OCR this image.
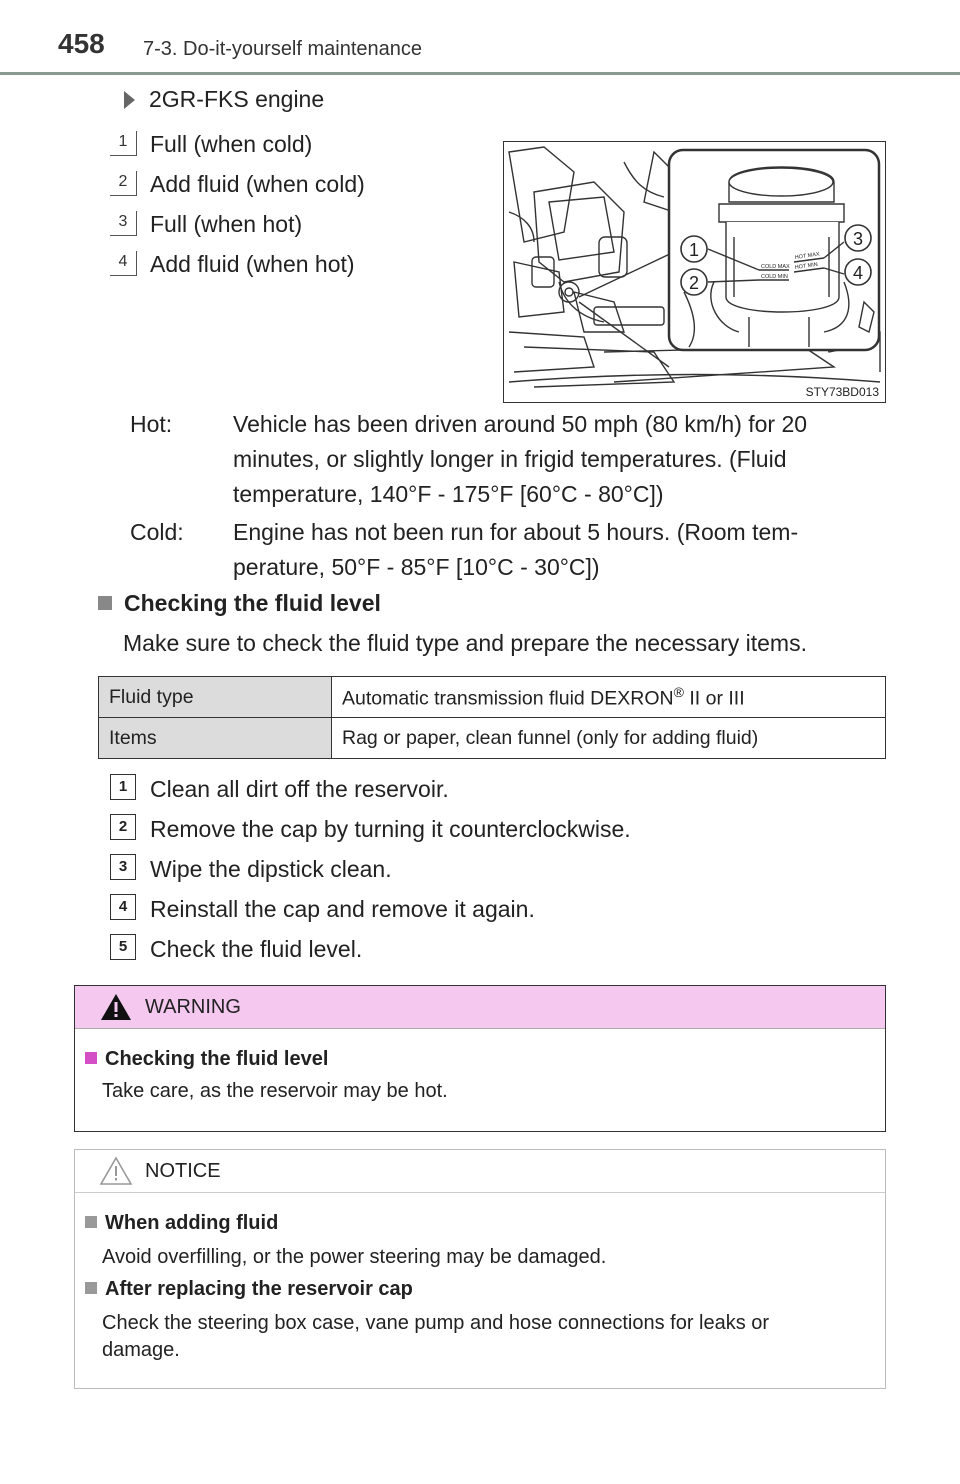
458 7-3. Do-it-yourself maintenance
2GR-FKS engine
1 Full (when cold)
2 Add fluid (when cold)
3 Full (when hot)
4 Add fluid (when hot)	COLD MAX
COLD MIN
HOT MAX
HOT MIN
1
2
3
4
STY73BD013
Hot:	Vehicle has been driven around 50 mph (80 km/h) for 20
minutes, or slightly longer in frigid temperatures. (Fluid
temperature, 140°F - 175°F [60°C - 80°C])
Cold: Engine has not been run for about 5 hours. (Room tem-
perature, 50°F - 85°F [10°C - 30°C])
Checking the fluid level
Make sure to check the fluid type and prepare the necessary items.
Fluid type	Automatic transmission fluid DEXRON® II or III
Items	Rag or paper, clean funnel (only for adding fluid)
1 Clean all dirt off the reservoir.
2 Remove the cap by turning it counterclockwise.
3 Wipe the dipstick clean.
4 Reinstall the cap and remove it again.
5 Check the fluid level.
WARNING
Checking the fluid level
Take care, as the reservoir may be hot.
NOTICE
When adding fluid
Avoid overfilling, or the power steering may be damaged.
After replacing the reservoir cap
Check the steering box case, vane pump and hose connections for leaks or
damage.
